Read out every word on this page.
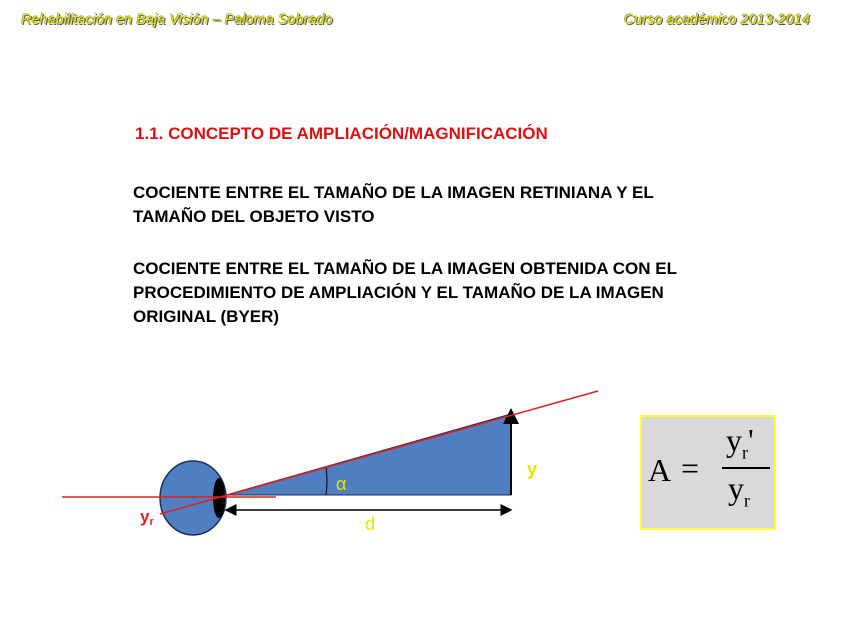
Rehabilitación en Baja Visión – Paloma Sobrado	Curso académico 2013-2014
1.1. CONCEPTO DE AMPLIACIÓN/MAGNIFICACIÓN
COCIENTE ENTRE EL TAMAÑO DE LA IMAGEN RETINIANA Y EL
TAMAÑO DEL OBJETO VISTO
COCIENTE ENTRE EL TAMAÑO DE LA IMAGEN OBTENIDA CON EL
PROCEDIMIENTO DE AMPLIACIÓN Y EL TAMAÑO DE LA IMAGEN
ORIGINAL (BYER)
α
y
d
yr
A =
$y_r'$
$y_r$
